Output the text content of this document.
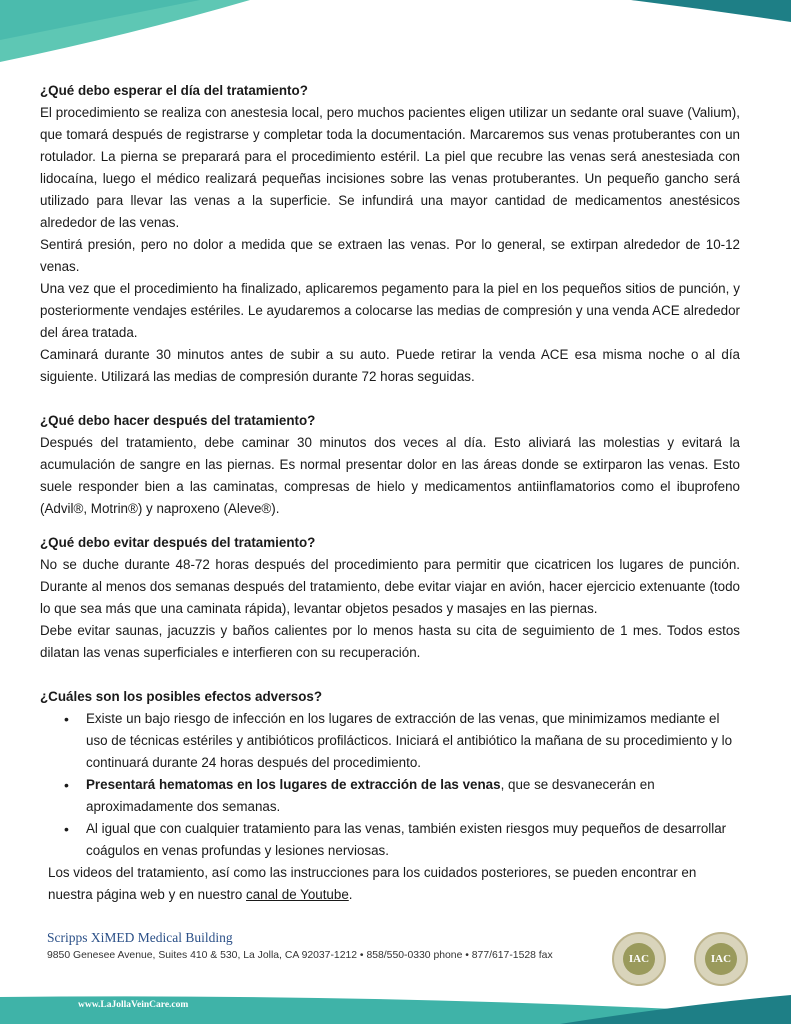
¿Qué debo esperar el día del tratamiento?

El procedimiento se realiza con anestesia local, pero muchos pacientes eligen utilizar un sedante oral suave (Valium), que tomará después de registrarse y completar toda la documentación. Marcaremos sus venas protuberantes con un rotulador. La pierna se preparará para el procedimiento estéril. La piel que recubre las venas será anestesiada con lidocaína, luego el médico realizará pequeñas incisiones sobre las venas protuberantes. Un pequeño gancho será utilizado para llevar las venas a la superficie. Se infundirá una mayor cantidad de medicamentos anestésicos alrededor de las venas.

Sentirá presión, pero no dolor a medida que se extraen las venas. Por lo general, se extirpan alrededor de 10-12 venas.

Una vez que el procedimiento ha finalizado, aplicaremos pegamento para la piel en los pequeños sitios de punción, y posteriormente vendajes estériles. Le ayudaremos a colocarse las medias de compresión y una venda ACE alrededor del área tratada.

Caminará durante 30 minutos antes de subir a su auto. Puede retirar la venda ACE esa misma noche o al día siguiente. Utilizará las medias de compresión durante 72 horas seguidas.

¿Qué debo hacer después del tratamiento?

Después del tratamiento, debe caminar 30 minutos dos veces al día. Esto aliviará las molestias y evitará la acumulación de sangre en las piernas. Es normal presentar dolor en las áreas donde se extirparon las venas. Esto suele responder bien a las caminatas, compresas de hielo y medicamentos antiinflamatorios como el ibuprofeno (Advil®, Motrin®) y naproxeno (Aleve®).

¿Qué debo evitar después del tratamiento?

No se duche durante 48-72 horas después del procedimiento para permitir que cicatricen los lugares de punción. Durante al menos dos semanas después del tratamiento, debe evitar viajar en avión, hacer ejercicio extenuante (todo lo que sea más que una caminata rápida), levantar objetos pesados y masajes en las piernas.

Debe evitar saunas, jacuzzis y baños calientes por lo menos hasta su cita de seguimiento de 1 mes. Todos estos dilatan las venas superficiales e interfieren con su recuperación.

¿Cuáles son los posibles efectos adversos?

• Existe un bajo riesgo de infección en los lugares de extracción de las venas, que minimizamos mediante el uso de técnicas estériles y antibióticos profilácticos. Iniciará el antibiótico la mañana de su procedimiento y lo continuará durante 24 horas después del procedimiento.
• Presentará hematomas en los lugares de extracción de las venas, que se desvanecerán en aproximadamente dos semanas.
• Al igual que con cualquier tratamiento para las venas, también existen riesgos muy pequeños de desarrollar coágulos en venas profundas y lesiones nerviosas.

Los videos del tratamiento, así como las instrucciones para los cuidados posteriores, se pueden encontrar en nuestra página web y en nuestro canal de Youtube.

Scripps XiMED Medical Building
9850 Genesee Avenue, Suites 410 & 530, La Jolla, CA 92037-1212 • 858/550-0330 phone • 877/617-1528 fax	IAC	IAC
www.LaJollaVeinCare.com
